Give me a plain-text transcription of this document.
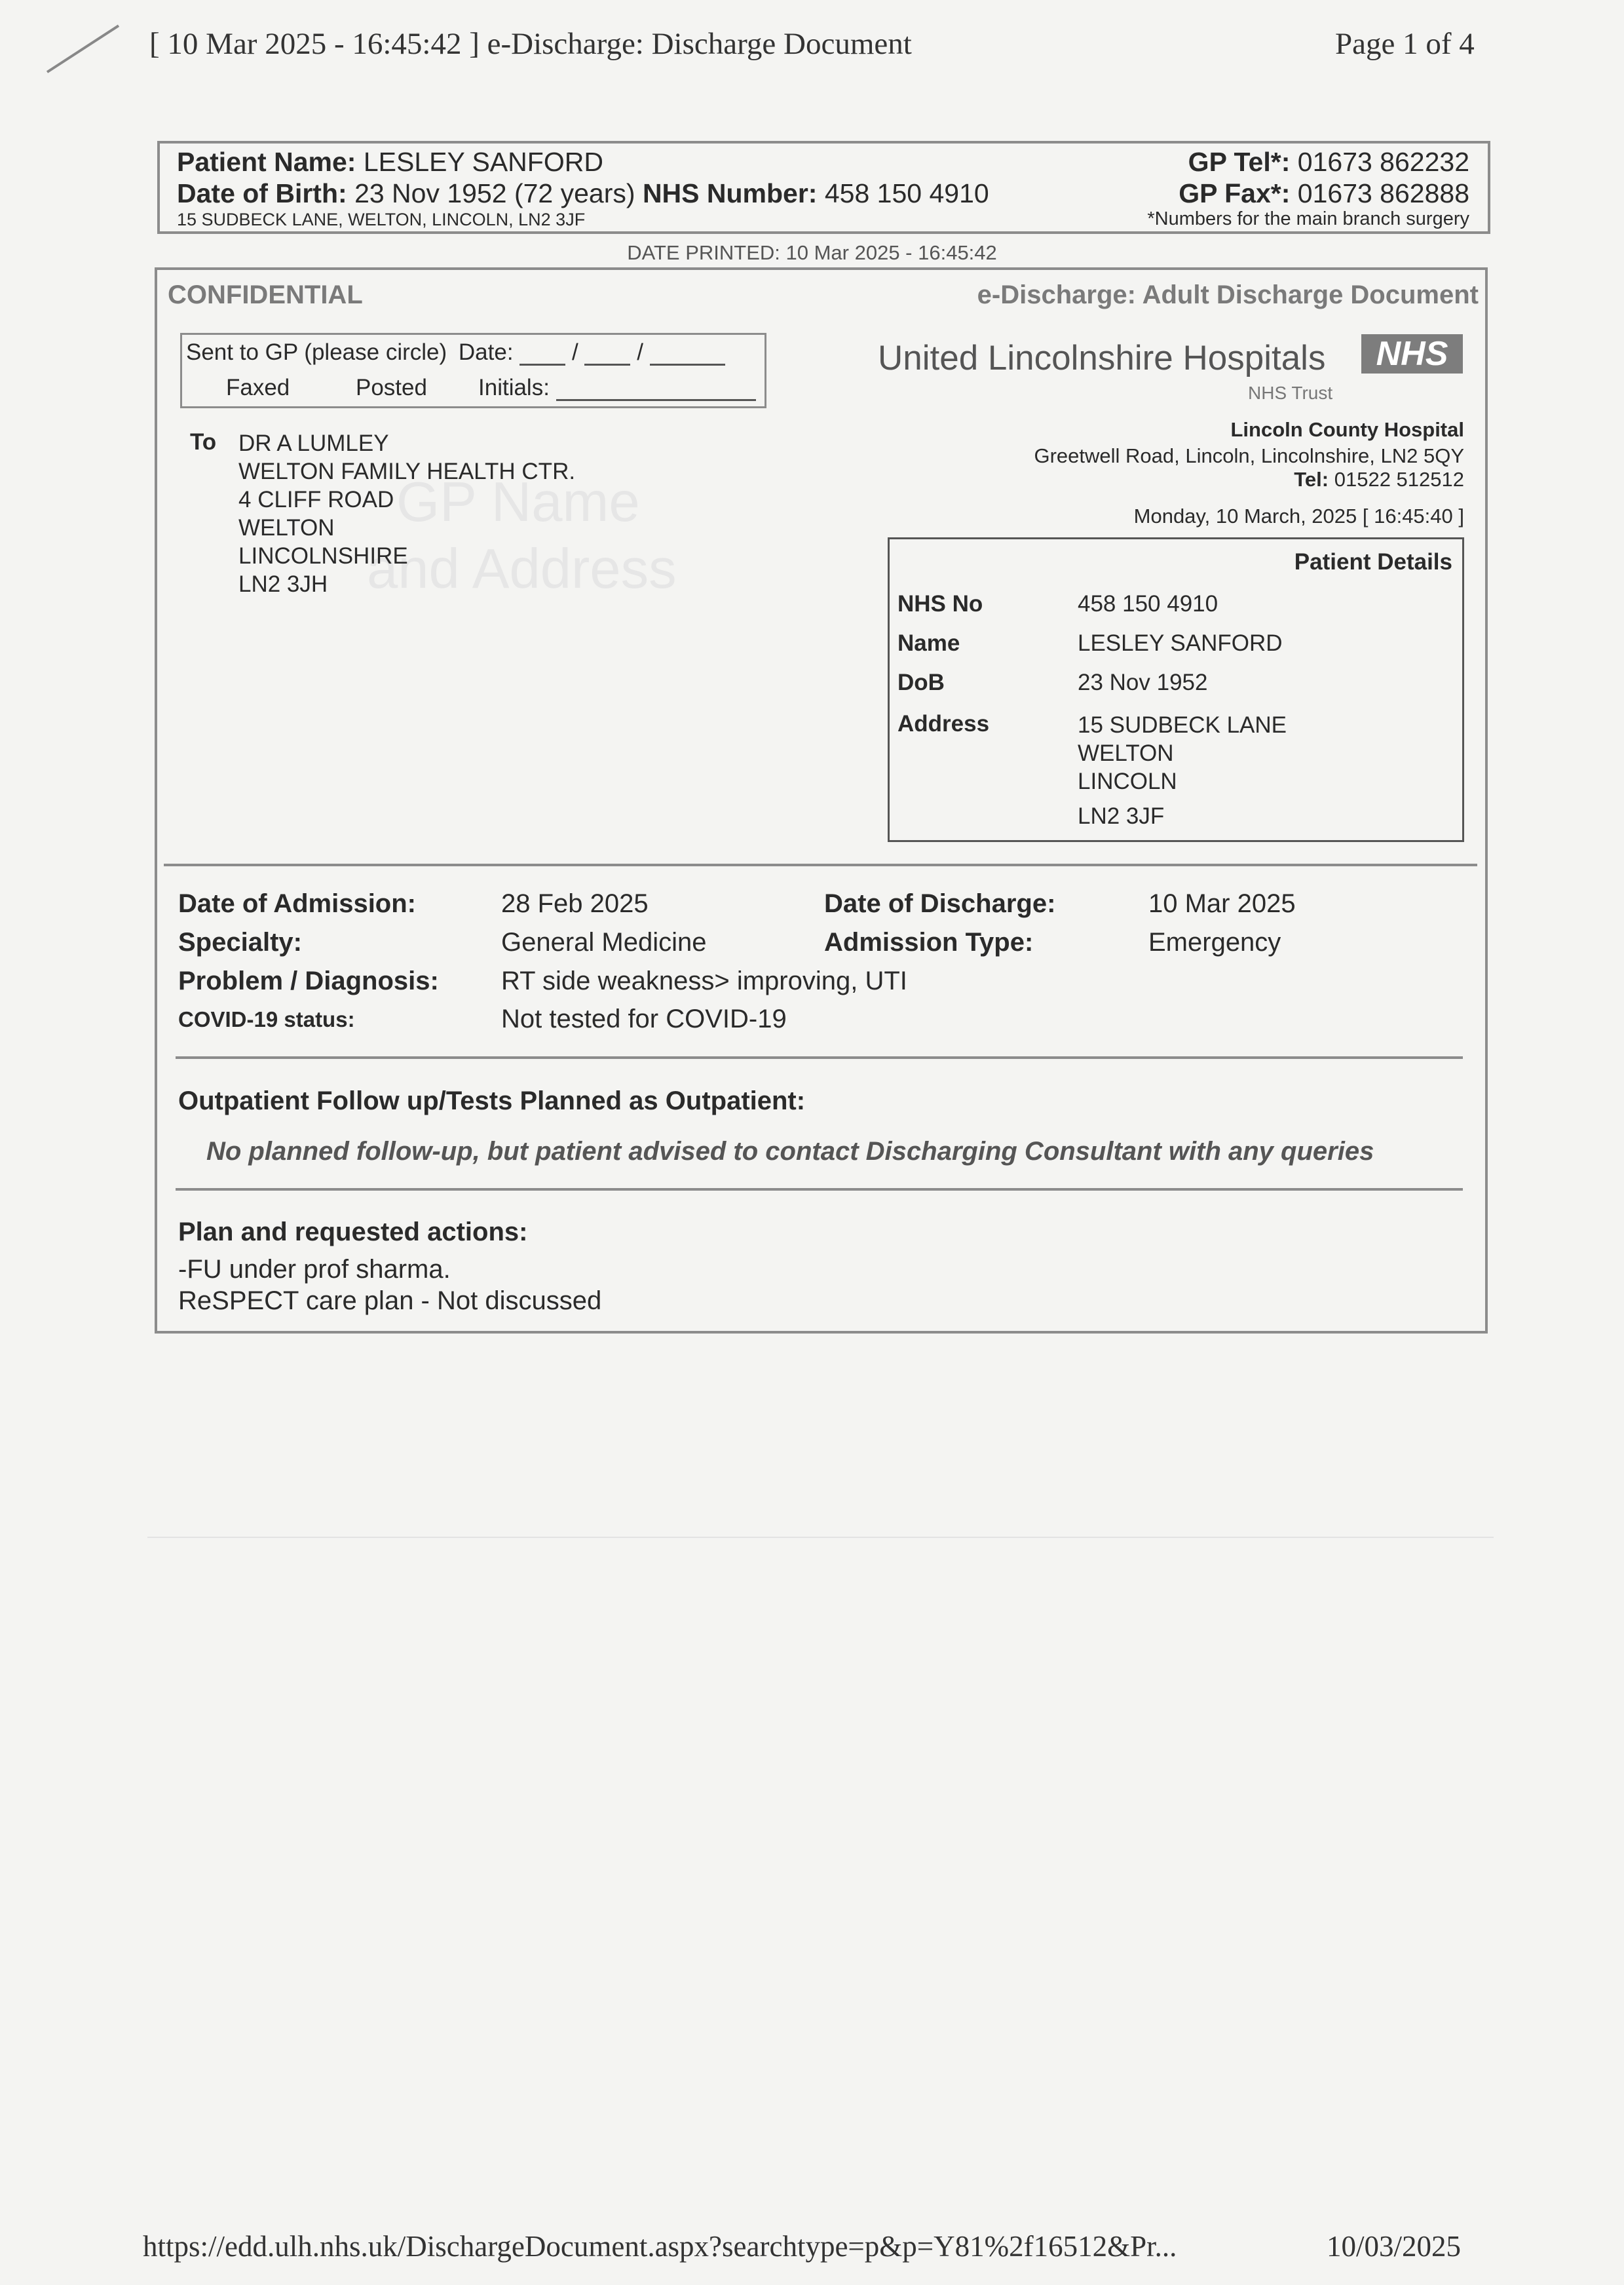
[ 10 Mar 2025 - 16:45:42 ] e-Discharge: Discharge Document	Page 1 of 4
Patient Name: LESLEY SANFORD
Date of Birth: 23 Nov 1952 (72 years) NHS Number: 458 150 4910
15 SUDBECK LANE, WELTON, LINCOLN, LN2 3JF
GP Tel*: 01673 862232
GP Fax*: 01673 862888
*Numbers for the main branch surgery
DATE PRINTED: 10 Mar 2025 - 16:45:42
CONFIDENTIAL	e-Discharge: Adult Discharge Document
Sent to GP (please circle) Date:  /  /
Faxed	Posted Initials:
United Lincolnshire Hospitals	NHS
NHS Trust
Lincoln County Hospital
Greetwell Road, Lincoln, Lincolnshire, LN2 5QY
Tel: 01522 512512
Monday, 10 March, 2025 [ 16:45:40 ]
To
GP Name
and Address
DR A LUMLEY
WELTON FAMILY HEALTH CTR.
4 CLIFF ROAD
WELTON
LINCOLNSHIRE
LN2 3JH
Patient Details
NHS No	458 150 4910
Name	LESLEY SANFORD
DoB	23 Nov 1952
Address	15 SUDBECK LANE
WELTON
LINCOLN
LN2 3JF
Date of Admission:	28 Feb 2025	Date of Discharge:	10 Mar 2025
Specialty:	General Medicine	Admission Type:	Emergency
Problem / Diagnosis: RT side weakness> improving, UTI
COVID-19 status:	Not tested for COVID-19
Outpatient Follow up/Tests Planned as Outpatient:
No planned follow-up, but patient advised to contact Discharging Consultant with any queries
Plan and requested actions:
-FU under prof sharma.
ReSPECT care plan - Not discussed
https://edd.ulh.nhs.uk/DischargeDocument.aspx?searchtype=p&p=Y81%2f16512&Pr...	10/03/2025
